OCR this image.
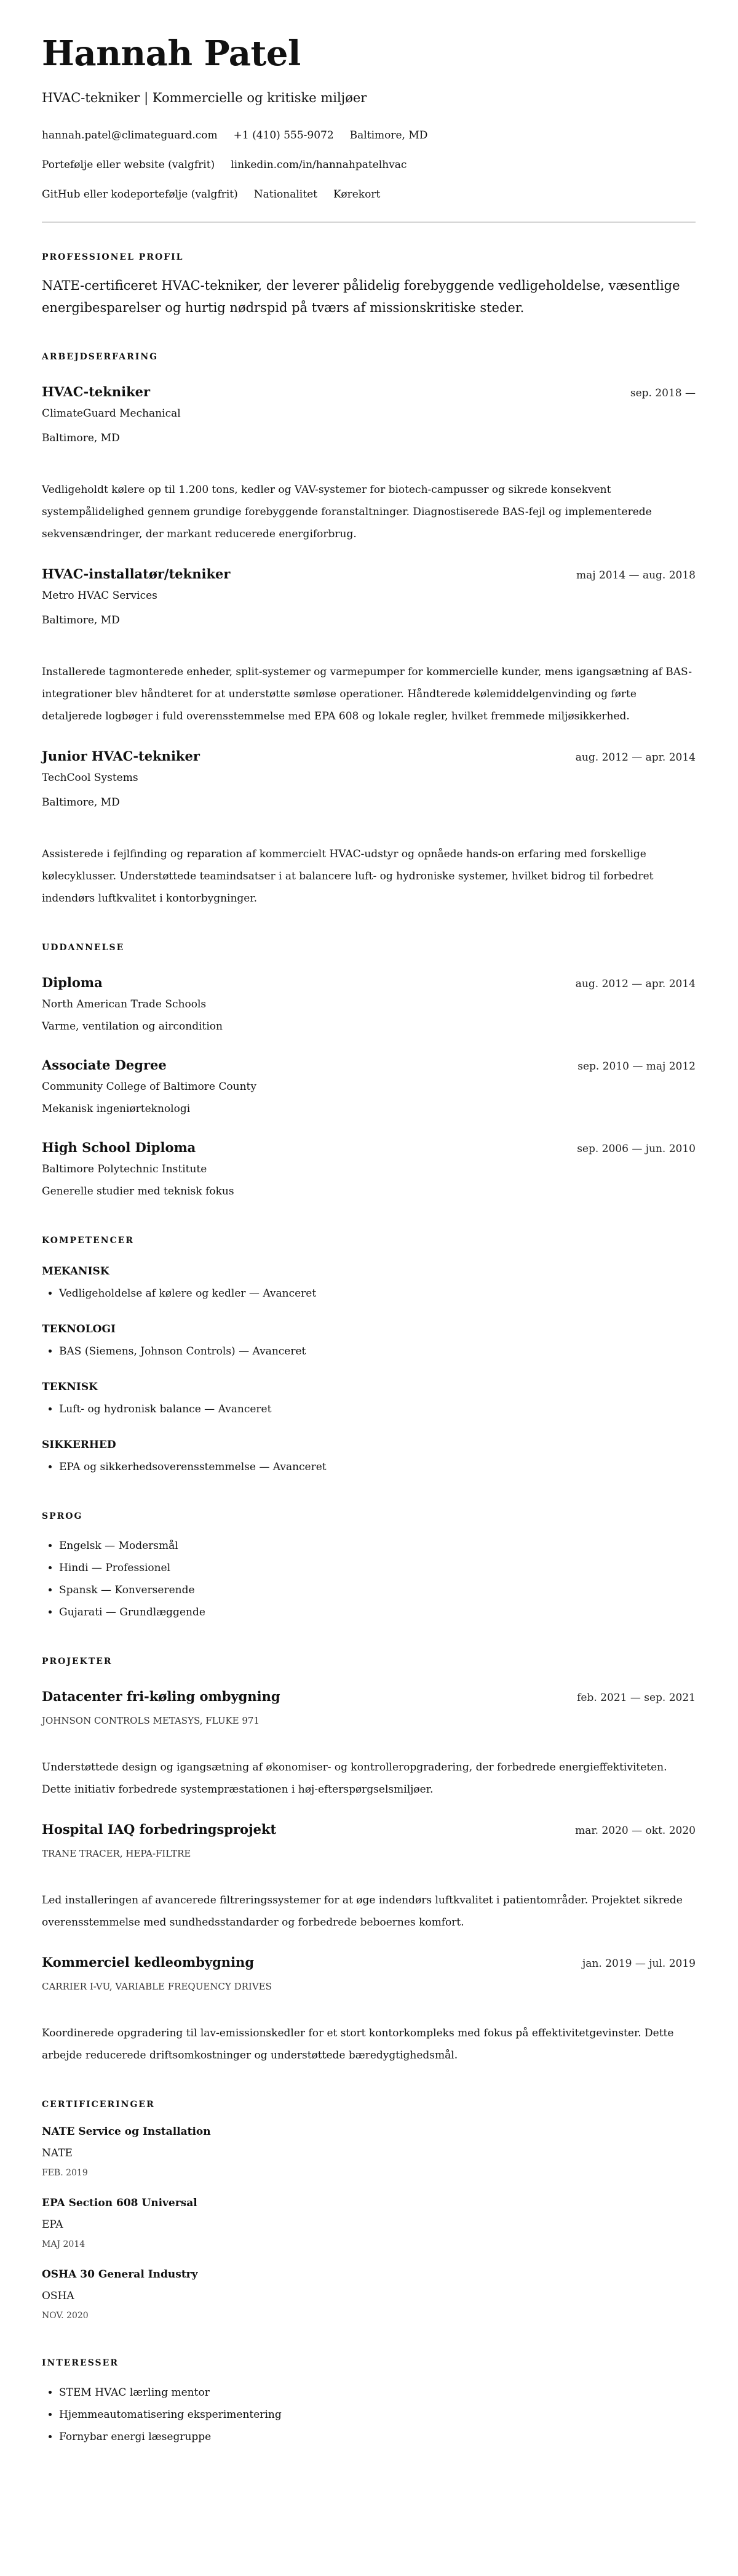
Hannah Patel
HVAC-tekniker | Kommercielle og kritiske miljøer
hannah.patel@climateguard.com +1 (410) 555-9072 Baltimore, MD
Portefølje eller website (valgfrit) linkedin.com/in/hannahpatelhvac
GitHub eller kodeportefølje (valgfrit) Nationalitet Kørekort
PROFESSIONEL PROFIL
NATE-certificeret HVAC-tekniker, der leverer pålidelig forebyggende vedligeholdelse, væsentlige energibesparelser og hurtig nødrspid på tværs af missionskritiske steder.
ARBEJDSERFARING
HVAC-tekniker	sep. 2018 —
ClimateGuard Mechanical
Baltimore, MD
Vedligeholdt kølere op til 1.200 tons, kedler og VAV-systemer for biotech-campusser og sikrede konsekvent systempålidelighed gennem grundige forebyggende foranstaltninger. Diagnostiserede BAS-fejl og implementerede sekvensændringer, der markant reducerede energiforbrug.
HVAC-installatør/tekniker	maj 2014 — aug. 2018
Metro HVAC Services
Baltimore, MD
Installerede tagmonterede enheder, split-systemer og varmepumper for kommercielle kunder, mens igangsætning af BAS-integrationer blev håndteret for at understøtte sømløse operationer. Håndterede kølemiddelgenvinding og førte detaljerede logbøger i fuld overensstemmelse med EPA 608 og lokale regler, hvilket fremmede miljøsikkerhed.
Junior HVAC-tekniker	aug. 2012 — apr. 2014
TechCool Systems
Baltimore, MD
Assisterede i fejlfinding og reparation af kommercielt HVAC-udstyr og opnåede hands-on erfaring med forskellige kølecyklusser. Understøttede teamindsatser i at balancere luft- og hydroniske systemer, hvilket bidrog til forbedret indendørs luftkvalitet i kontorbygninger.
UDDANNELSE
Diploma	aug. 2012 — apr. 2014
North American Trade Schools
Varme, ventilation og aircondition
Associate Degree	sep. 2010 — maj 2012
Community College of Baltimore County
Mekanisk ingeniørteknologi
High School Diploma	sep. 2006 — jun. 2010
Baltimore Polytechnic Institute
Generelle studier med teknisk fokus
KOMPETENCER
MEKANISK
• Vedligeholdelse af kølere og kedler — Avanceret
TEKNOLOGI
• BAS (Siemens, Johnson Controls) — Avanceret
TEKNISK
• Luft- og hydronisk balance — Avanceret
SIKKERHED
• EPA og sikkerhedsoverensstemmelse — Avanceret
SPROG
• Engelsk — Modersmål
• Hindi — Professionel
• Spansk — Konverserende
• Gujarati — Grundlæggende
PROJEKTER
Datacenter fri-køling ombygning	feb. 2021 — sep. 2021
JOHNSON CONTROLS METASYS, FLUKE 971
Understøttede design og igangsætning af økonomiser- og kontrolleropgradering, der forbedrede energieffektiviteten. Dette initiativ forbedrede systempræstationen i høj-efterspørgselsmiljøer.
Hospital IAQ forbedringsprojekt	mar. 2020 — okt. 2020
TRANE TRACER, HEPA-FILTRE
Led installeringen af avancerede filtreringssystemer for at øge indendørs luftkvalitet i patientområder. Projektet sikrede overensstemmelse med sundhedsstandarder og forbedrede beboernes komfort.
Kommerciel kedleombygning	jan. 2019 — jul. 2019
CARRIER I-VU, VARIABLE FREQUENCY DRIVES
Koordinerede opgradering til lav-emissionskedler for et stort kontorkompleks med fokus på effektivitetgevinster. Dette arbejde reducerede driftsomkostninger og understøttede bæredygtighedsmål.
CERTIFICERINGER
NATE Service og Installation
NATE
FEB. 2019
EPA Section 608 Universal
EPA
MAJ 2014
OSHA 30 General Industry
OSHA
NOV. 2020
INTERESSER
• STEM HVAC lærling mentor
• Hjemmeautomatisering eksperimentering
• Fornybar energi læsegruppe
